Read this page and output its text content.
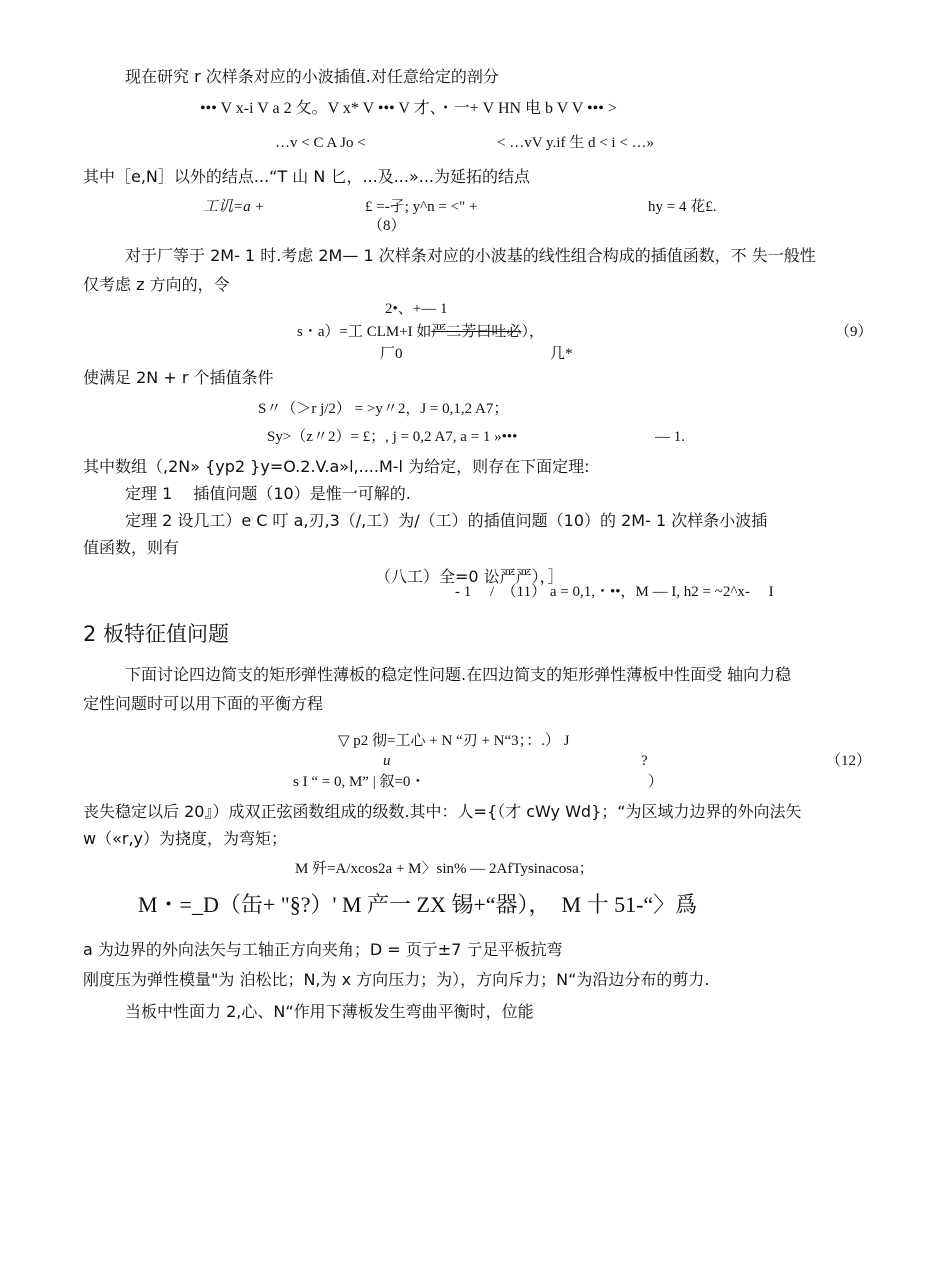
现在研究 r 次样条对应的小波插值.对任意给定的剖分
••• V x-i V a 2 攵。V x* V ••• V 才、・一+ V HN 电 b V V ••• >
…v < C A Jo <	< …vV y.if 生 d < i < …»
其中［e,N］以外的结点...“T 山 N 匕，...及...»...为延拓的结点
工讥=a +	£ =-孑; y^n = <" +	hy = 4 花£.
（8）
对于厂等于 2M- 1 时.考虑 2M— 1 次样条对应的小波基的线性组合构成的插值函数，不 失一般性
仅考虑 z 方向的，令
2•、+— 1
s・a）=工 CLM+I 如严二芳曰吐必），	（9）
厂0	几*
使满足 2N + r 个插值条件
S〃（＞r j/2） = >y〃2，J = 0,1,2 A7；
Sy>（z〃2）= £；, j = 0,2 A7, a = 1 »•••	— 1.
其中数组（,2N» {yp2 }y=O.2.V.a»l,....M-l 为给定，则存在下面定理:
定理 1　 插值问题（10）是惟一可解的.
定理 2 设几工）e C 叮 a,刃,3（/,工）为/（工）的插值问题（10）的 2M- 1 次样条小波插
值函数，则有
（八工）全=0 讼严严），］
- 1　 /　（11） a = 0,1,・••，M — I, h2 = ~2^x-　 I
2 板特征值问题
下面讨论四边简支的矩形弹性薄板的稳定性问题.在四边简支的矩形弹性薄板中性面受 轴向力稳
定性问题时可以用下面的平衡方程
▽ p2 彻=工心 + N “刃 + N“3；：.） J
u	?	（12）
s I “ = 0, M” | 叙=0・	）
丧失稳定以后 20』）成双正弦函数组成的级数.其中：人={（才 cWy Wd}；“为区域力边界的外向法矢
w（«r,y）为挠度，为弯矩；
M 歼=A/xcos2a + M〉sin% — 2AfTysinacosa；
M・=_D（缶+ "§?）' M 产一 ZX 锡+“器），　M 十 51-“〉爲
a 为边界的外向法矢与工轴正方向夹角；D = 页亍±7 亍足平板抗弯
刚度压为弹性模量"为 泊松比；N,为 x 方向压力；为），方向斥力；N“为沿边分布的剪力.
当板中性面力 2,心、N“作用下薄板发生弯曲平衡时，位能
